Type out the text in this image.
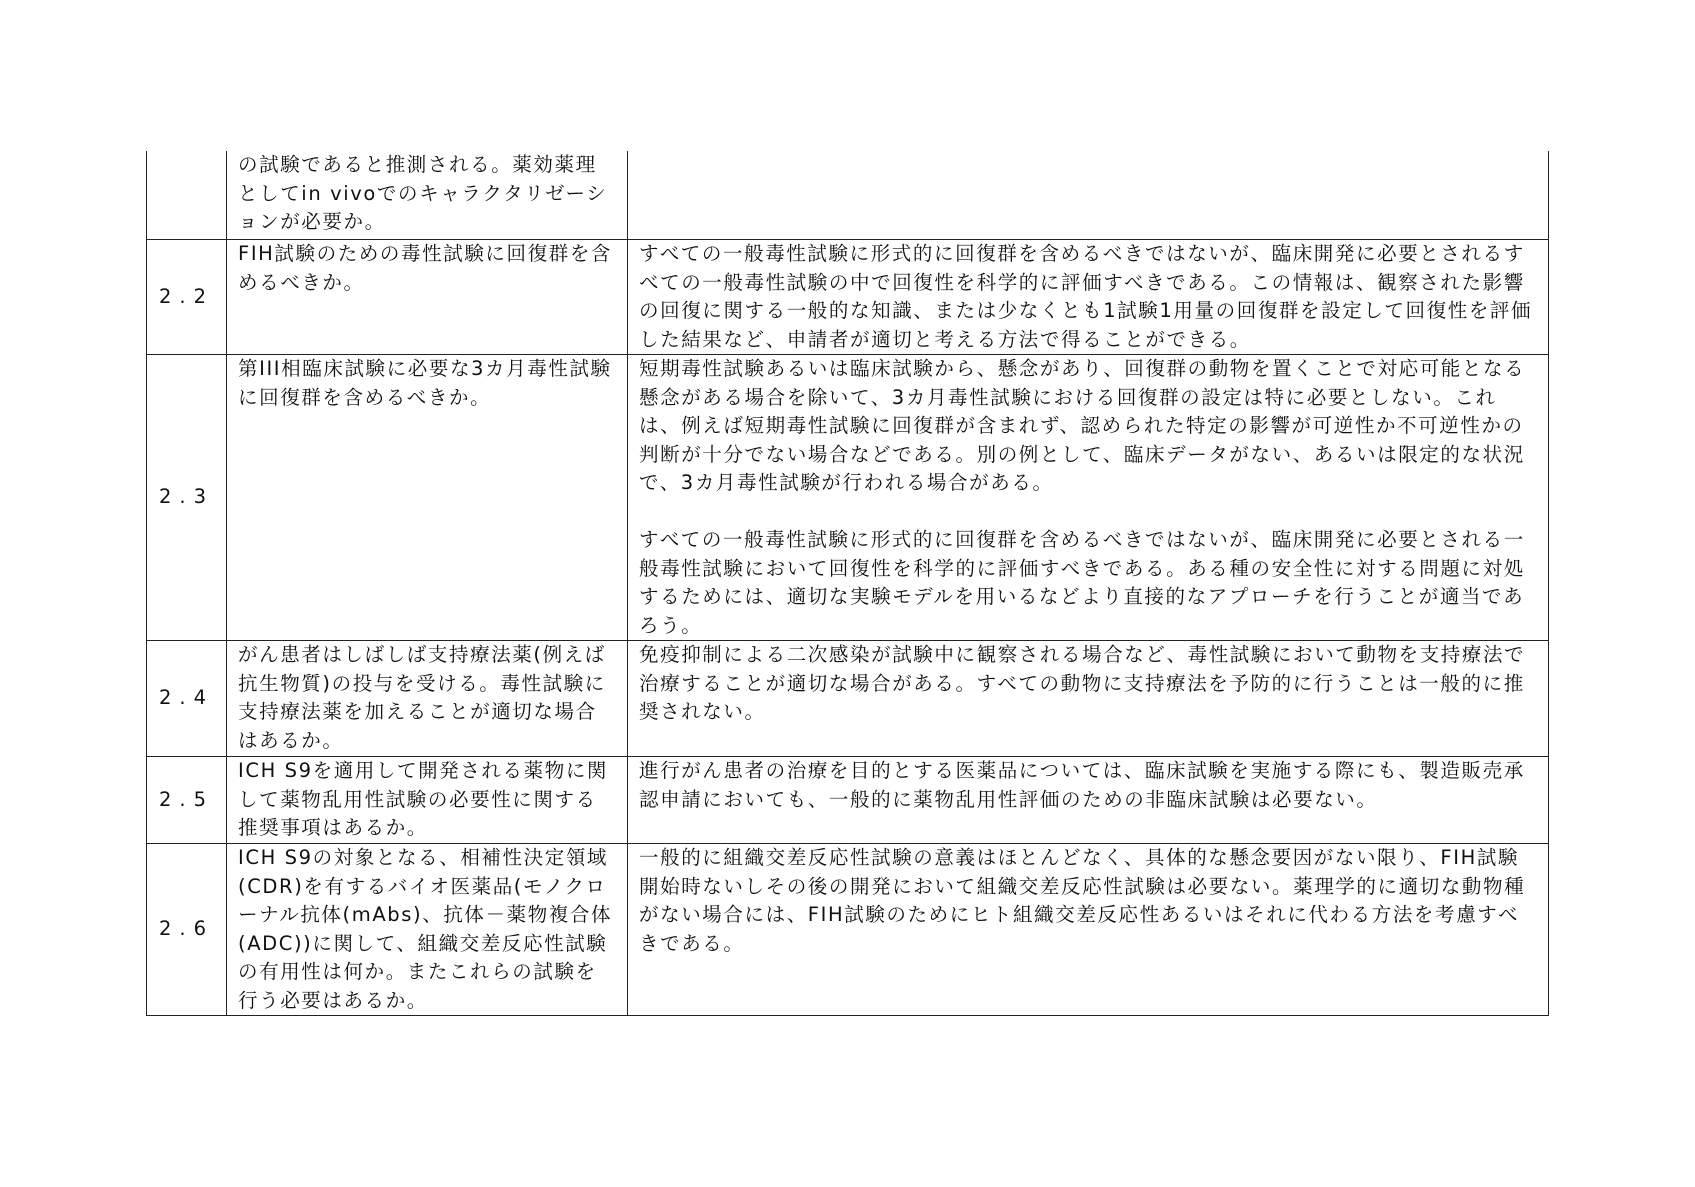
	の試験であると推測される。薬効薬理としてin vivoでのキャラクタリゼーションが必要か。	
2.2	FIH試験のための毒性試験に回復群を含めるべきか。	すべての一般毒性試験に形式的に回復群を含めるべきではないが、臨床開発に必要とされるすべての一般毒性試験の中で回復性を科学的に評価すべきである。この情報は、観察された影響の回復に関する一般的な知識、または少なくとも1試験1用量の回復群を設定して回復性を評価した結果など、申請者が適切と考える方法で得ることができる。

2.3	第III相臨床試験に必要な3カ月毒性試験に回復群を含めるべきか。	短期毒性試験あるいは臨床試験から、懸念があり、回復群の動物を置くことで対応可能となる懸念がある場合を除いて、3カ月毒性試験における回復群の設定は特に必要としない。これは、例えば短期毒性試験に回復群が含まれず、認められた特定の影響が可逆性か不可逆性かの判断が十分でない場合などである。別の例として、臨床データがない、あるいは限定的な状況で、3カ月毒性試験が行われる場合がある。
すべての一般毒性試験に形式的に回復群を含めるべきではないが、臨床開発に必要とされる一般毒性試験において回復性を科学的に評価すべきである。ある種の安全性に対する問題に対処するためには、適切な実験モデルを用いるなどより直接的なアプローチを行うことが適当であろう。

2.4	がん患者はしばしば支持療法薬(例えば抗生物質)の投与を受ける。毒性試験に支持療法薬を加えることが適切な場合はあるか。	免疫抑制による二次感染が試験中に観察される場合など、毒性試験において動物を支持療法で治療することが適切な場合がある。すべての動物に支持療法を予防的に行うことは一般的に推奨されない。

2.5	ICH S9を適用して開発される薬物に関して薬物乱用性試験の必要性に関する推奨事項はあるか。	進行がん患者の治療を目的とする医薬品については、臨床試験を実施する際にも、製造販売承認申請においても、一般的に薬物乱用性評価のための非臨床試験は必要ない。

2.6	ICH S9の対象となる、相補性決定領域(CDR)を有するバイオ医薬品(モノクローナル抗体(mAbs)、抗体－薬物複合体(ADC))に関して、組織交差反応性試験の有用性は何か。またこれらの試験を行う必要はあるか。	一般的に組織交差反応性試験の意義はほとんどなく、具体的な懸念要因がない限り、FIH試験開始時ないしその後の開発において組織交差反応性試験は必要ない。薬理学的に適切な動物種がない場合には、FIH試験のためにヒト組織交差反応性あるいはそれに代わる方法を考慮すべきである。
